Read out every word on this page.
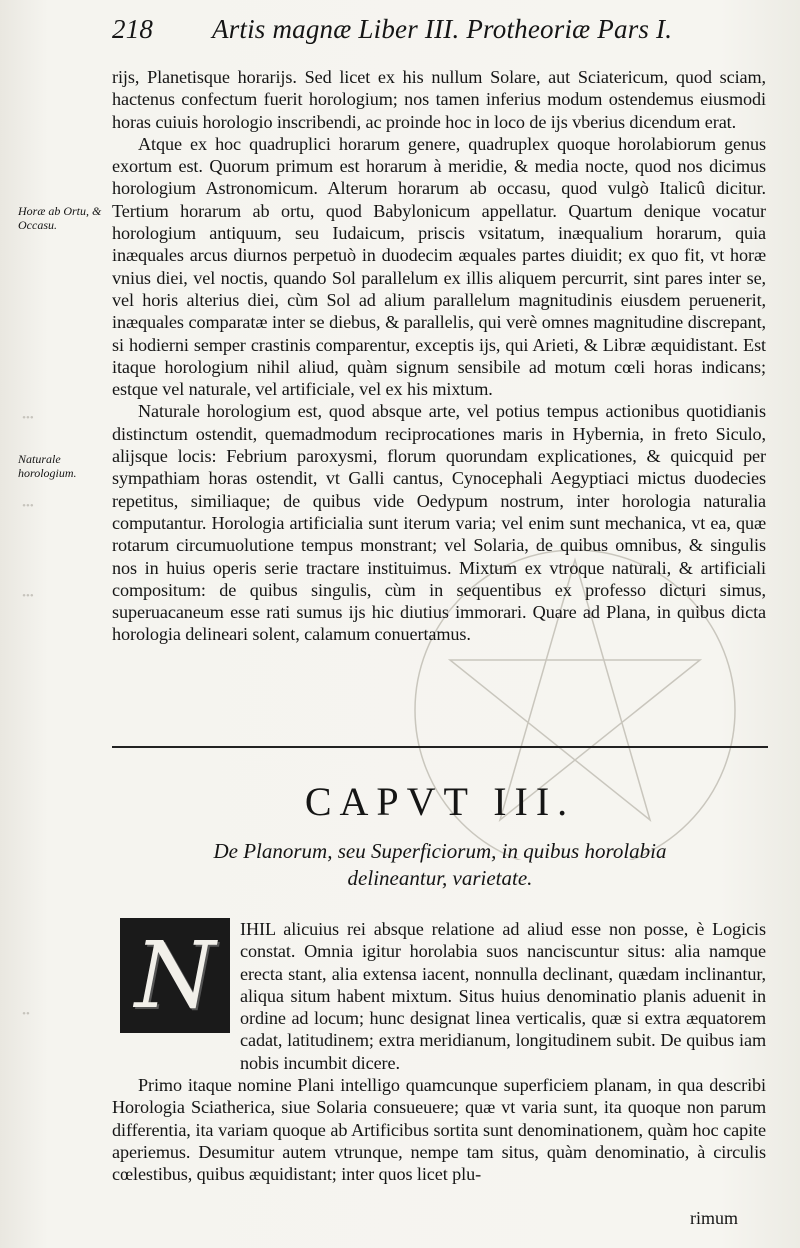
218 Artis magnæ Liber III. Protheoriæ Pars I.
Horæ ab Ortu, & Occasu.
Naturale horologium.
•••
•••
•••
••

rijs, Planetisque horarijs. Sed licet ex his nullum Solare, aut Sciatericum, quod sciam, hactenus confectum fuerit horologium; nos tamen inferius modum ostendemus eiusmodi horas cuiuis horologio inscribendi, ac proinde hoc in loco de ijs vberius dicendum erat.

Atque ex hoc quadruplici horarum genere, quadruplex quoque horolabiorum genus exortum est. Quorum primum est horarum à meridie, & media nocte, quod nos dicimus horologium Astronomicum. Alterum horarum ab occasu, quod vulgò Italicû dicitur. Tertium horarum ab ortu, quod Babylonicum appellatur. Quartum denique vocatur horologium antiquum, seu Iudaicum, priscis vsitatum, inæqualium horarum, quia inæquales arcus diurnos perpetuò in duodecim æquales partes diuidit; ex quo fit, vt horæ vnius diei, vel noctis, quando Sol parallelum ex illis aliquem percurrit, sint pares inter se, vel horis alterius diei, cùm Sol ad alium parallelum magnitudinis eiusdem peruenerit, inæquales comparatæ inter se diebus, & parallelis, qui verè omnes magnitudine discrepant, si hodierni semper crastinis comparentur, exceptis ijs, qui Arieti, & Libræ æquidistant. Est itaque horologium nihil aliud, quàm signum sensibile ad motum cœli horas indicans; estque vel naturale, vel artificiale, vel ex his mixtum.

Naturale horologium est, quod absque arte, vel potius tempus actionibus quotidianis distinctum ostendit, quemadmodum reciprocationes maris in Hybernia, in freto Siculo, alijsque locis: Febrium paroxysmi, florum quorundam explicationes, & quicquid per sympathiam horas ostendit, vt Galli cantus, Cynocephali Aegyptiaci mictus duodecies repetitus, similiaque; de quibus vide Oedypum nostrum, inter horologia naturalia computantur. Horologia artificialia sunt iterum varia; vel enim sunt mechanica, vt ea, quæ rotarum circumuolutione tempus monstrant; vel Solaria, de quibus omnibus, & singulis nos in huius operis serie tractare instituimus. Mixtum ex vtroque naturali, & artificiali compositum: de quibus singulis, cùm in sequentibus ex professo dicturi simus, superuacaneum esse rati sumus ijs hic diutius immorari. Quare ad Plana, in quibus dicta horologia delineari solent, calamum conuertamus.

CAPVT III.
De Planorum, seu Superficiorum, in quibus horolabia
delineantur, varietate.
N IHIL alicuius rei absque relatione ad aliud esse non posse, è Logicis constat. Omnia igitur horolabia suos nanciscuntur situs: alia namque erecta stant, alia extensa iacent, nonnulla declinant, quædam inclinantur, aliqua situm habent mixtum. Situs huius denominatio planis aduenit in ordine ad locum; hunc designat linea verticalis, quæ si extra æquatorem cadat, latitudinem; extra meridianum, longitudinem subit. De quibus iam nobis incumbit dicere.

Primo itaque nomine Plani intelligo quamcunque superficiem planam, in qua describi Horologia Sciatherica, siue Solaria consueuere; quæ vt varia sunt, ita quoque non parum differentia, ita variam quoque ab Artificibus sortita sunt denominationem, quàm hoc capite aperiemus. Desumitur autem vtrunque, nempe tam situs, quàm denominatio, à circulis cœlestibus, quibus æquidistant; inter quos licet plu-

rimum
